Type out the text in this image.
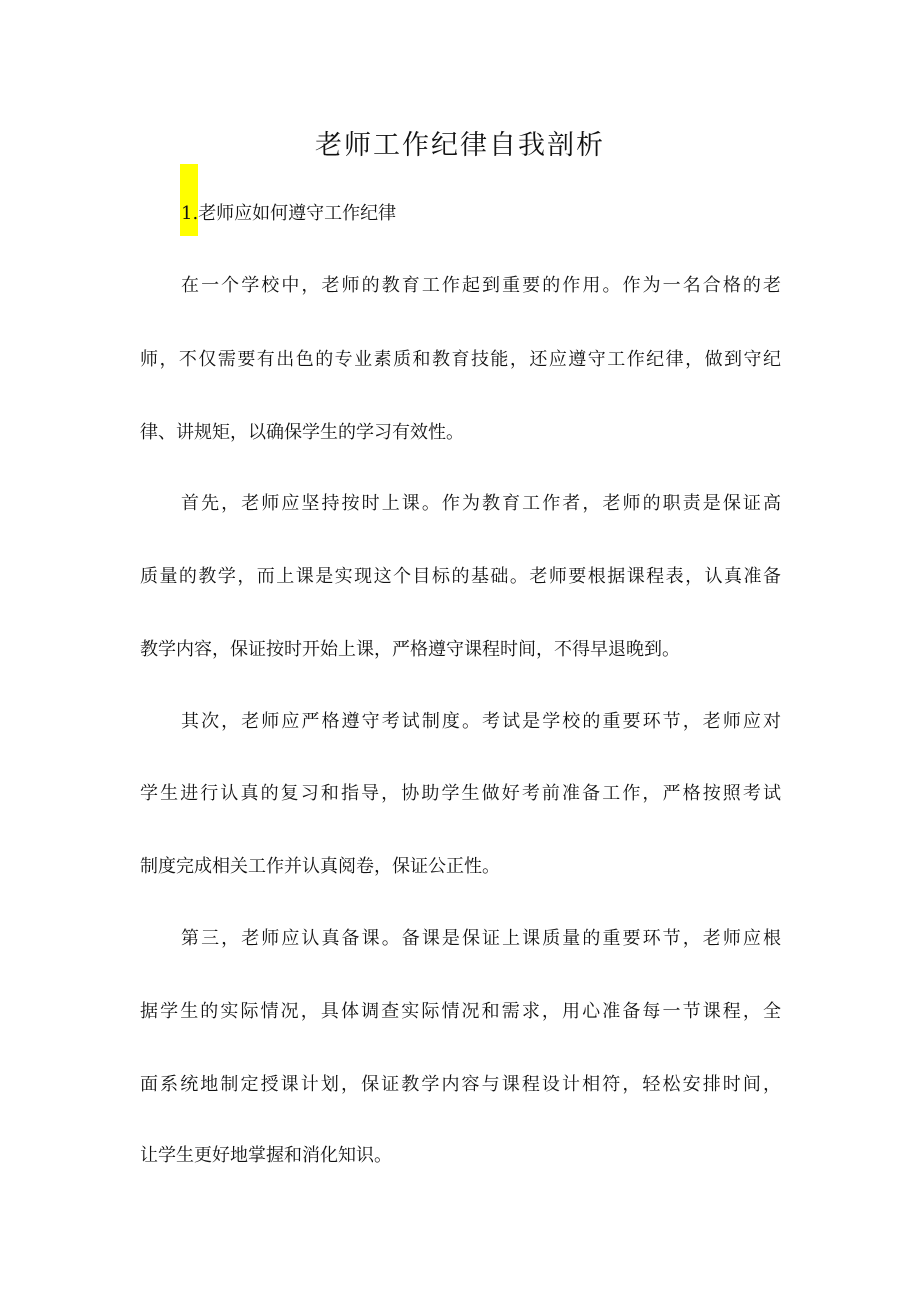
老师工作纪律自我剖析
1.老师应如何遵守工作纪律
在一个学校中，老师的教育工作起到重要的作用。作为一名合格的老
师，不仅需要有出色的专业素质和教育技能，还应遵守工作纪律，做到守纪
律、讲规矩，以确保学生的学习有效性。
首先，老师应坚持按时上课。作为教育工作者，老师的职责是保证高
质量的教学，而上课是实现这个目标的基础。老师要根据课程表，认真准备
教学内容，保证按时开始上课，严格遵守课程时间，不得早退晚到。
其次，老师应严格遵守考试制度。考试是学校的重要环节，老师应对
学生进行认真的复习和指导，协助学生做好考前准备工作，严格按照考试
制度完成相关工作并认真阅卷，保证公正性。
第三，老师应认真备课。备课是保证上课质量的重要环节，老师应根
据学生的实际情况，具体调查实际情况和需求，用心准备每一节课程，全
面系统地制定授课计划，保证教学内容与课程设计相符，轻松安排时间，
让学生更好地掌握和消化知识。
